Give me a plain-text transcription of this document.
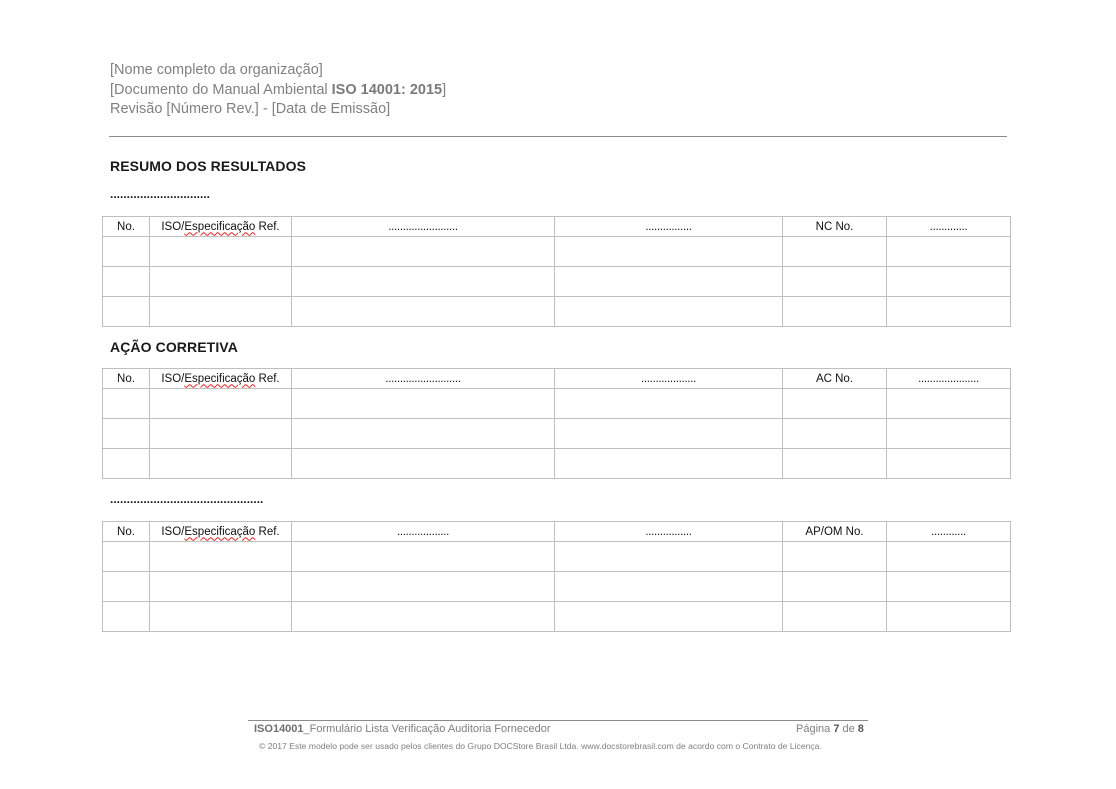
[Nome completo da organização]
[Documento do Manual Ambiental ISO 14001: 2015]
Revisão [Número Rev.] - [Data de Emissão]
RESUMO DOS RESULTADOS
..............................
No.	ISO/Especificação Ref.	........................	................	NC No.	.............

AÇÃO CORRETIVA
No.	ISO/Especificação Ref.	..........................	...................	AC No.	.....................

..............................................
No.	ISO/Especificação Ref.	..................	................	AP/OM No.	............

ISO14001_Formulário Lista Verificação Auditoria Fornecedor	Página 7 de 8
© 2017 Este modelo pode ser usado pelos clientes do Grupo DOCStore Brasil Ltda. www.docstorebrasil.com de acordo com o Contrato de Licença.
